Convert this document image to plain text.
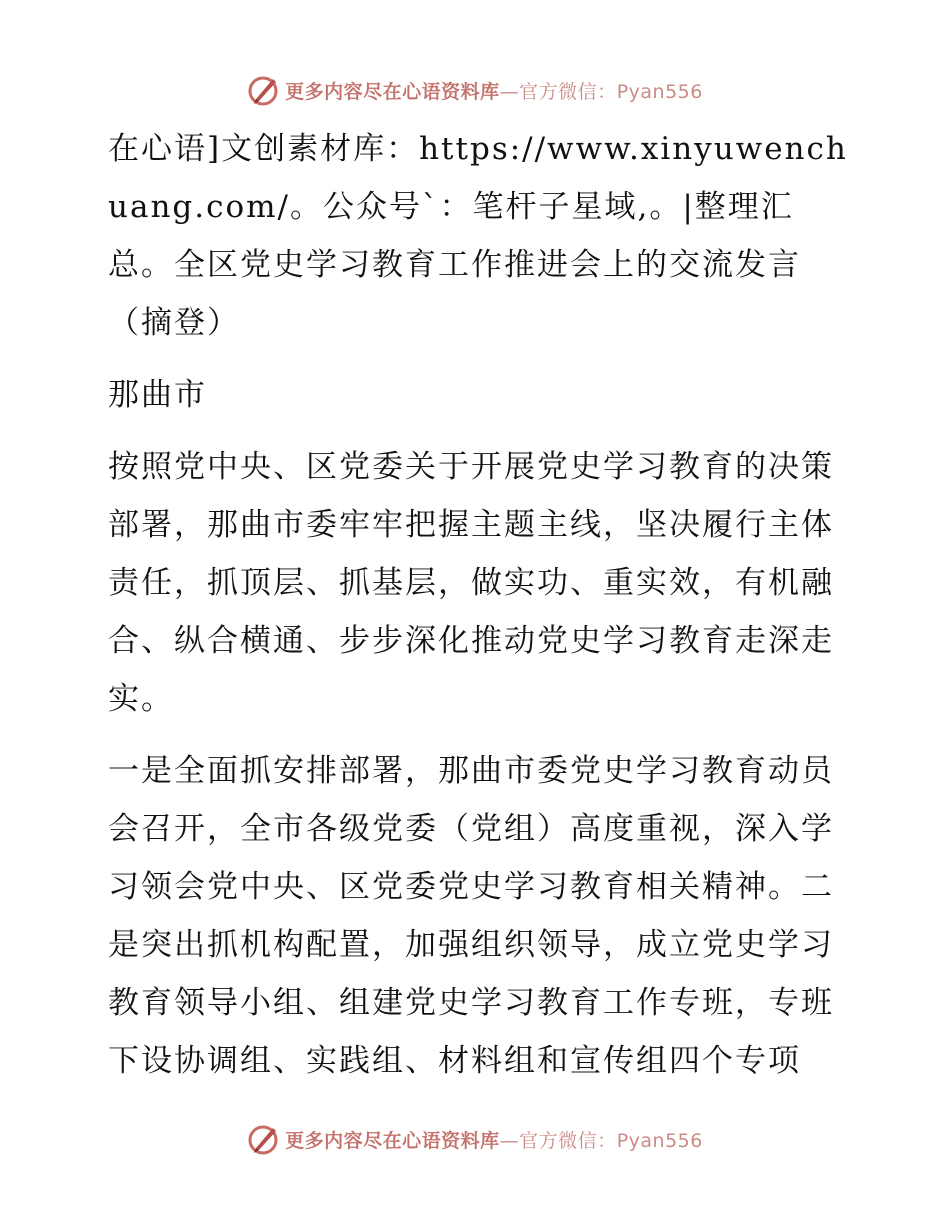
更多内容尽在心语资料库—官方微信：Pyan556

在心语]文创素材库：https://www.xinyuwenchuang.com/。公众号`：笔杆子星域,。|整理汇总。全区党史学习教育工作推进会上的交流发言（摘登）

那曲市

按照党中央、区党委关于开展党史学习教育的决策部署，那曲市委牢牢把握主题主线，坚决履行主体责任，抓顶层、抓基层，做实功、重实效，有机融合、纵合横通、步步深化推动党史学习教育走深走实。

一是全面抓安排部署，那曲市委党史学习教育动员会召开，全市各级党委（党组）高度重视，深入学习领会党中央、区党委党史学习教育相关精神。二是突出抓机构配置，加强组织领导，成立党史学习教育领导小组、组建党史学习教育工作专班，专班下设协调组、实践组、材料组和宣传组四个专项

更多内容尽在心语资料库—官方微信：Pyan556
